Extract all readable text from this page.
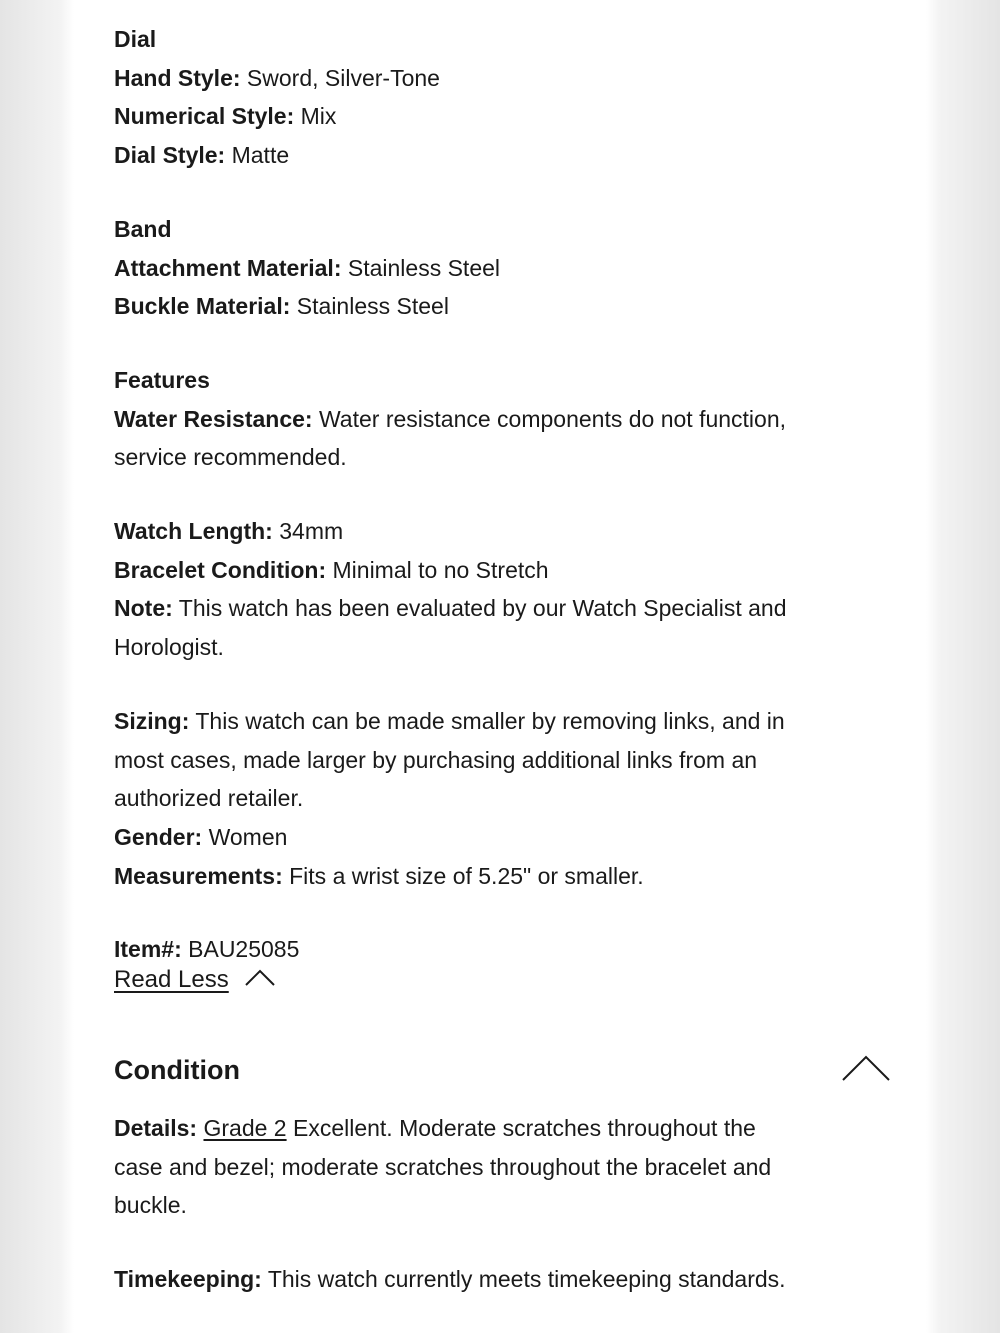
Dial

Hand Style: Sword, Silver-Tone

Numerical Style: Mix

Dial Style: Matte

Band

Attachment Material: Stainless Steel

Buckle Material: Stainless Steel

Features

Water Resistance: Water resistance components do not function,

service recommended.

Watch Length: 34mm

Bracelet Condition: Minimal to no Stretch

Note: This watch has been evaluated by our Watch Specialist and

Horologist.

Sizing: This watch can be made smaller by removing links, and in

most cases, made larger by purchasing additional links from an

authorized retailer.

Gender: Women

Measurements: Fits a wrist size of 5.25" or smaller.

Item#: BAU25085

Read Less
Condition

Details: Grade 2 Excellent. Moderate scratches throughout the

case and bezel; moderate scratches throughout the bracelet and

buckle.

Timekeeping: This watch currently meets timekeeping standards.
